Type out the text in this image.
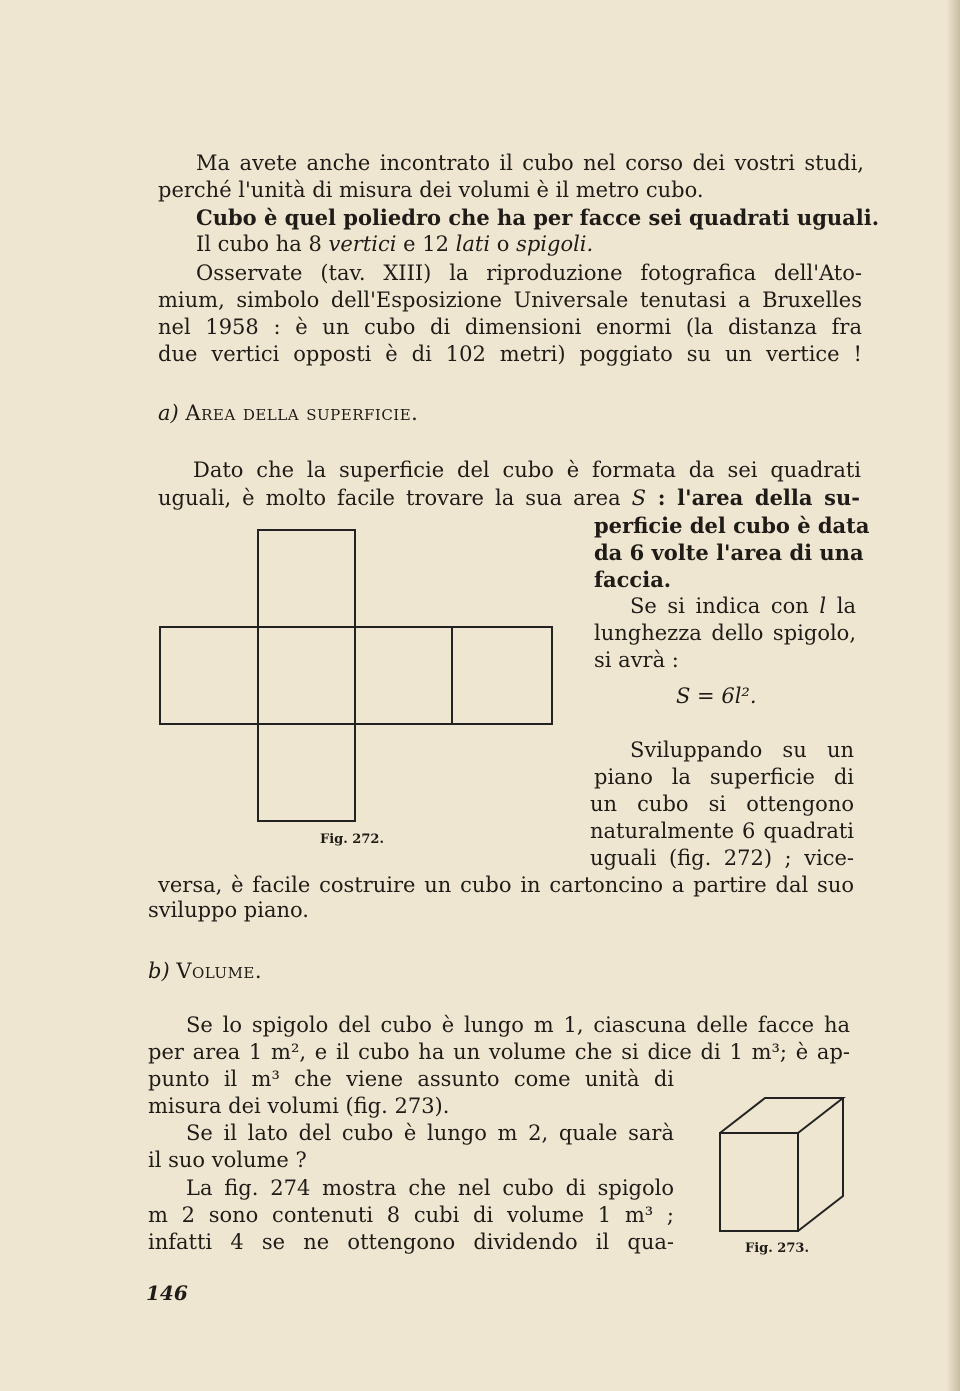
Ma avete anche incontrato il cubo nel corso dei vostri studi,
perché l'unità di misura dei volumi è il metro cubo.
Cubo è quel poliedro che ha per facce sei quadrati uguali.
Il cubo ha 8 vertici e 12 lati o spigoli.
Osservate (tav. XIII) la riproduzione fotografica dell'Ato-
mium, simbolo dell'Esposizione Universale tenutasi a Bruxelles
nel 1958 : è un cubo di dimensioni enormi (la distanza fra
due vertici opposti è di 102 metri) poggiato su un vertice !
a) Area della superficie.
Dato che la superficie del cubo è formata da sei quadrati
uguali, è molto facile trovare la sua area S : l'area della su-
perficie del cubo è data
da 6 volte l'area di una
faccia.
Se si indica con l la
lunghezza dello spigolo,
si avrà :
S = 6l².
Sviluppando su un
piano la superficie di
un cubo si ottengono
naturalmente 6 quadrati
uguali (fig. 272) ; vice-
versa, è facile costruire un cubo in cartoncino a partire dal suo
sviluppo piano.
Fig. 272.
b) Volume.
Se lo spigolo del cubo è lungo m 1, ciascuna delle facce ha
per area 1 m², e il cubo ha un volume che si dice di 1 m³; è ap-
punto il m³ che viene assunto come unità di
misura dei volumi (fig. 273).
Se il lato del cubo è lungo m 2, quale sarà
il suo volume ?
La fig. 274 mostra che nel cubo di spigolo
m 2 sono contenuti 8 cubi di volume 1 m³ ;
infatti 4 se ne ottengono dividendo il qua-	Fig. 273.
146
